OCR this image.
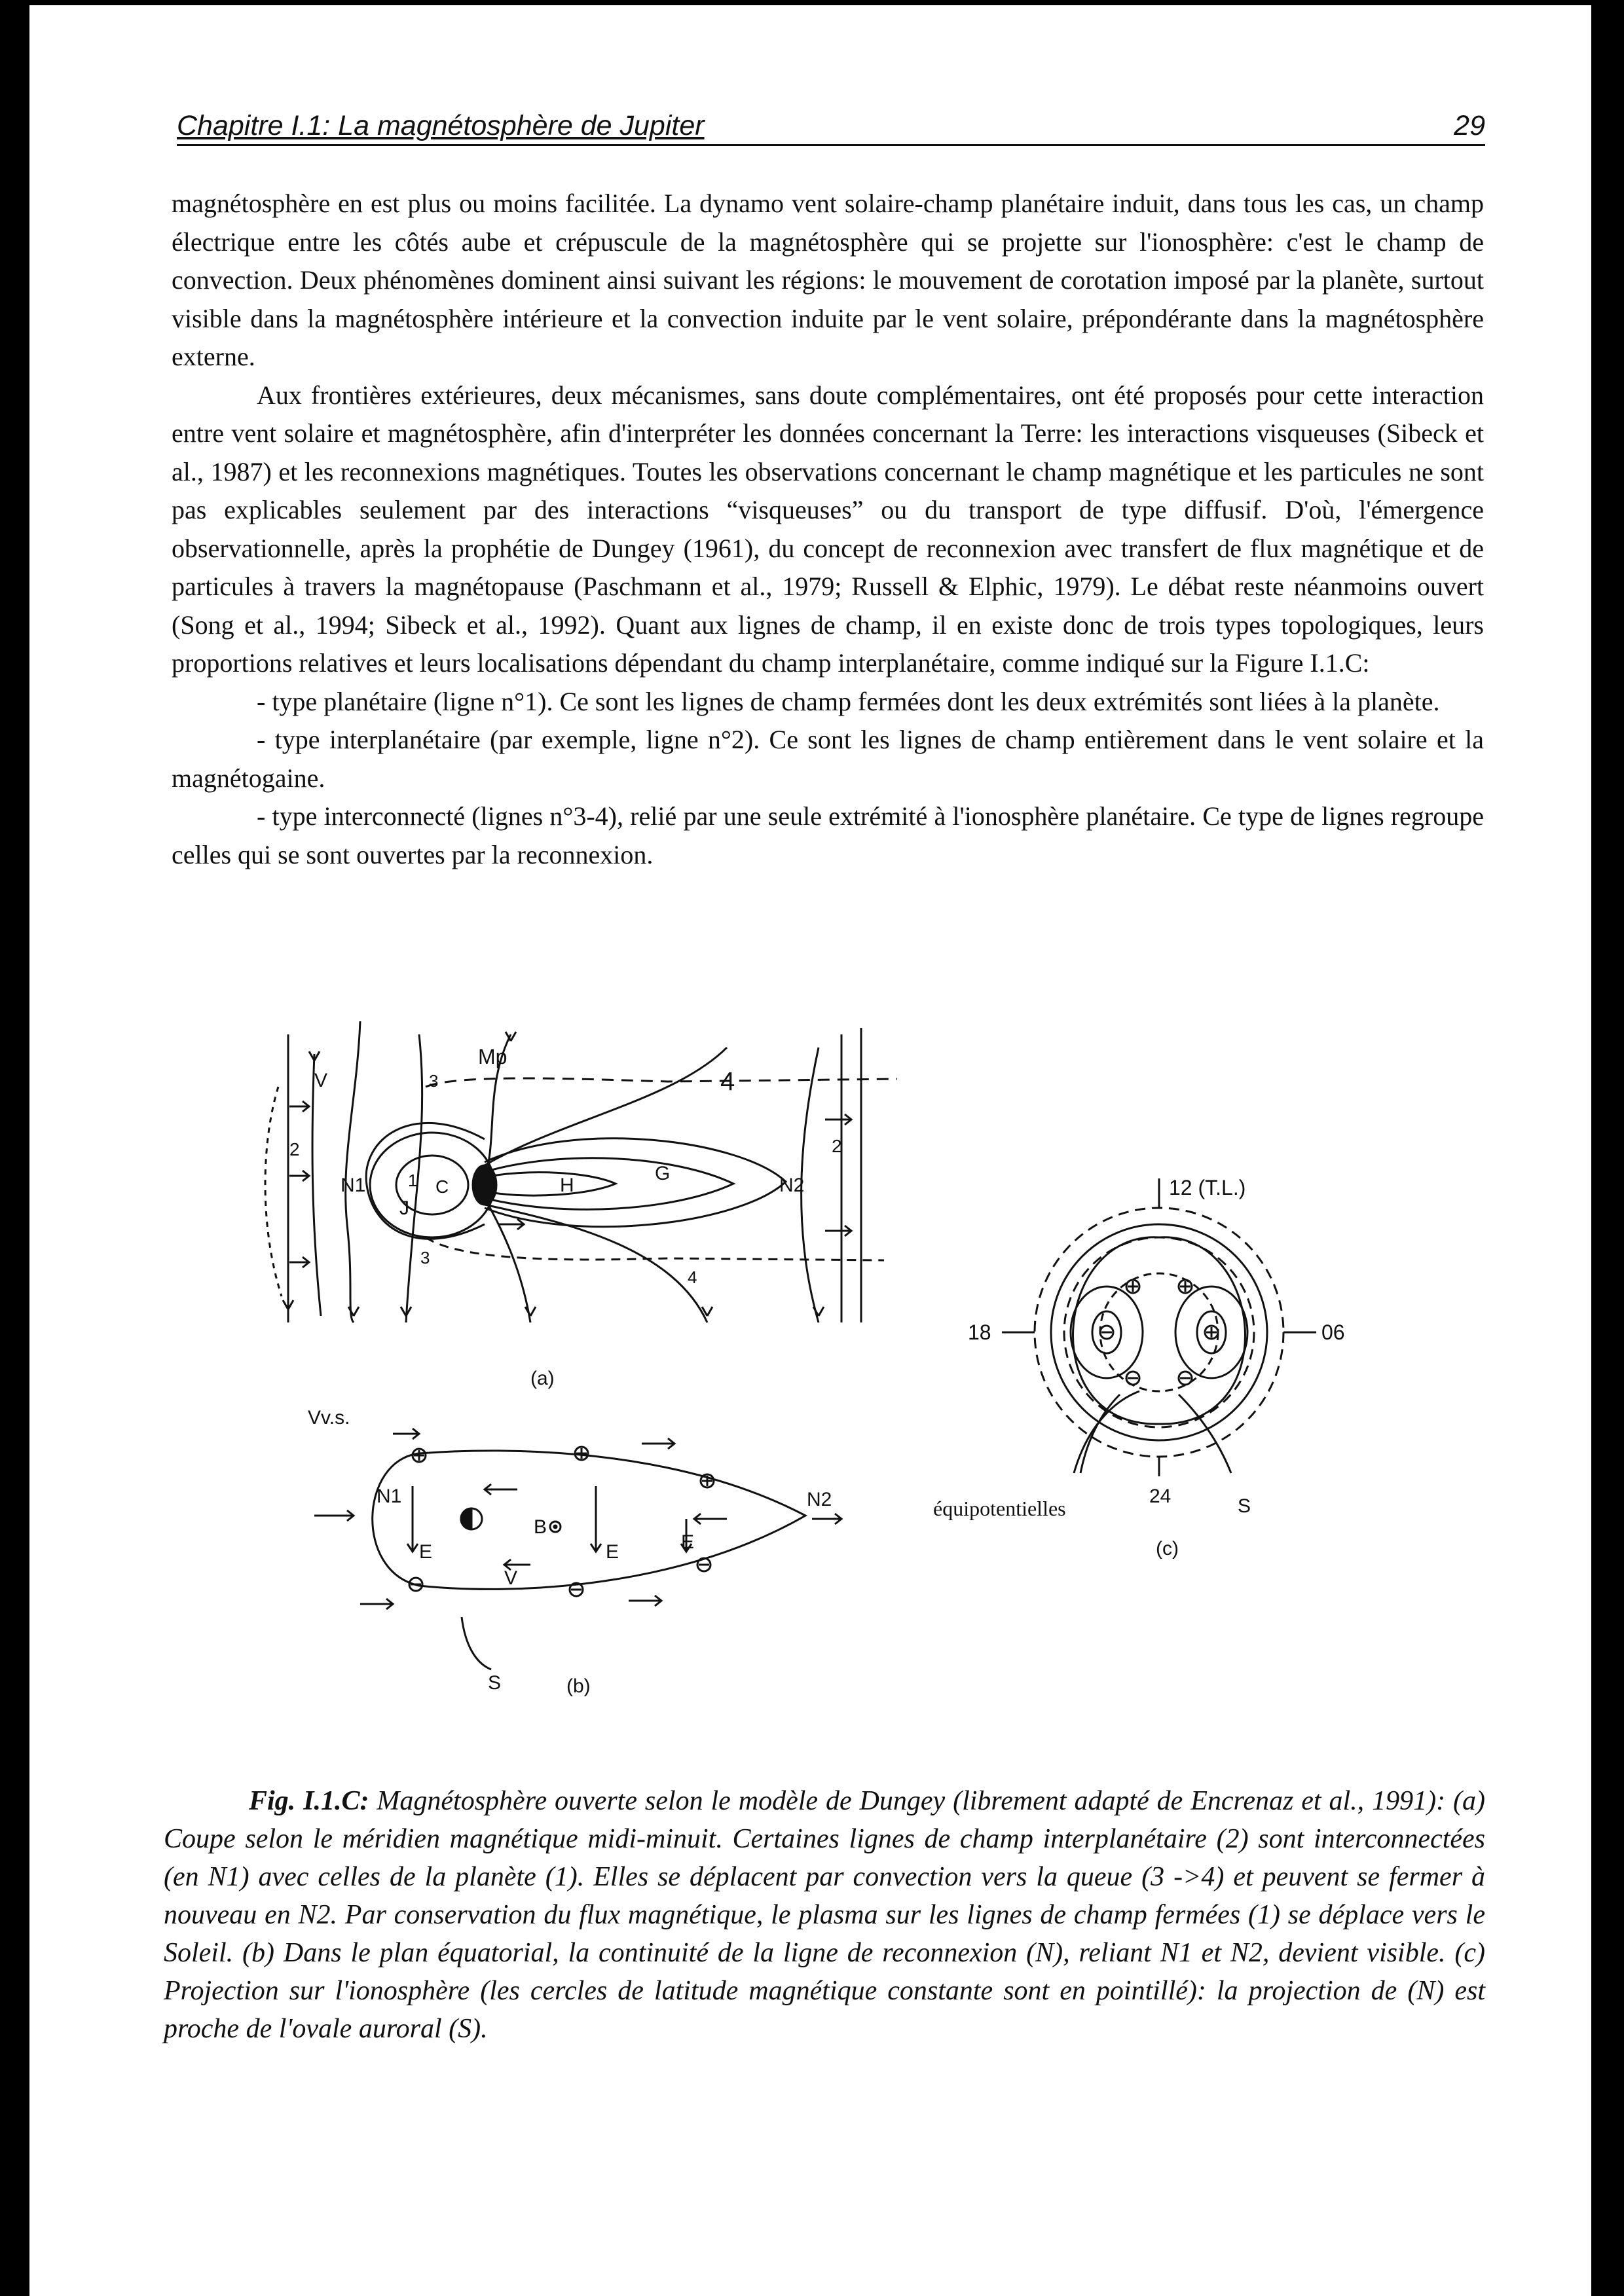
Chapitre I.1: La magnétosphère de Jupiter	29

magnétosphère en est plus ou moins facilitée. La dynamo vent solaire-champ planétaire induit, dans tous les cas, un champ électrique entre les côtés aube et crépuscule de la magnétosphère qui se projette sur l'ionosphère: c'est le champ de convection. Deux phénomènes dominent ainsi suivant les régions: le mouvement de corotation imposé par la planète, surtout visible dans la magnétosphère intérieure et la convection induite par le vent solaire, prépondérante dans la magnétosphère externe.

Aux frontières extérieures, deux mécanismes, sans doute complémentaires, ont été proposés pour cette interaction entre vent solaire et magnétosphère, afin d'interpréter les données concernant la Terre: les interactions visqueuses (Sibeck et al., 1987) et les reconnexions magnétiques. Toutes les observations concernant le champ magnétique et les particules ne sont pas explicables seulement par des interactions “visqueuses” ou du transport de type diffusif. D'où, l'émergence observationnelle, après la prophétie de Dungey (1961), du concept de reconnexion avec transfert de flux magnétique et de particules à travers la magnétopause (Paschmann et al., 1979; Russell & Elphic, 1979). Le débat reste néanmoins ouvert (Song et al., 1994; Sibeck et al., 1992). Quant aux lignes de champ, il en existe donc de trois types topologiques, leurs proportions relatives et leurs localisations dépendant du champ interplanétaire, comme indiqué sur la Figure I.1.C:

- type planétaire (ligne n°1). Ce sont les lignes de champ fermées dont les deux extrémités sont liées à la planète.

- type interplanétaire (par exemple, ligne n°2). Ce sont les lignes de champ entièrement dans le vent solaire et la magnétogaine.

- type interconnecté (lignes n°3-4), relié par une seule extrémité à l'ionosphère planétaire. Ce type de lignes regroupe celles qui se sont ouvertes par la reconnexion.

V
Mp
N1	N2
H
G
J
C
1
2	2
3
3
4
4
(a)
Vv.s.
N1	N2
E	E	E
B
V
S	(b)
12 (T.L.)
18	06
24	S
équipotentielles
(c)
Fig. I.1.C: Magnétosphère ouverte selon le modèle de Dungey (librement adapté de Encrenaz et al., 1991): (a) Coupe selon le méridien magnétique midi-minuit. Certaines lignes de champ interplanétaire (2) sont interconnectées (en N1) avec celles de la planète (1). Elles se déplacent par convection vers la queue (3 ->4) et peuvent se fermer à nouveau en N2. Par conservation du flux magnétique, le plasma sur les lignes de champ fermées (1) se déplace vers le Soleil. (b) Dans le plan équatorial, la continuité de la ligne de reconnexion (N), reliant N1 et N2, devient visible. (c) Projection sur l'ionosphère (les cercles de latitude magnétique constante sont en pointillé): la projection de (N) est proche de l'ovale auroral (S).
